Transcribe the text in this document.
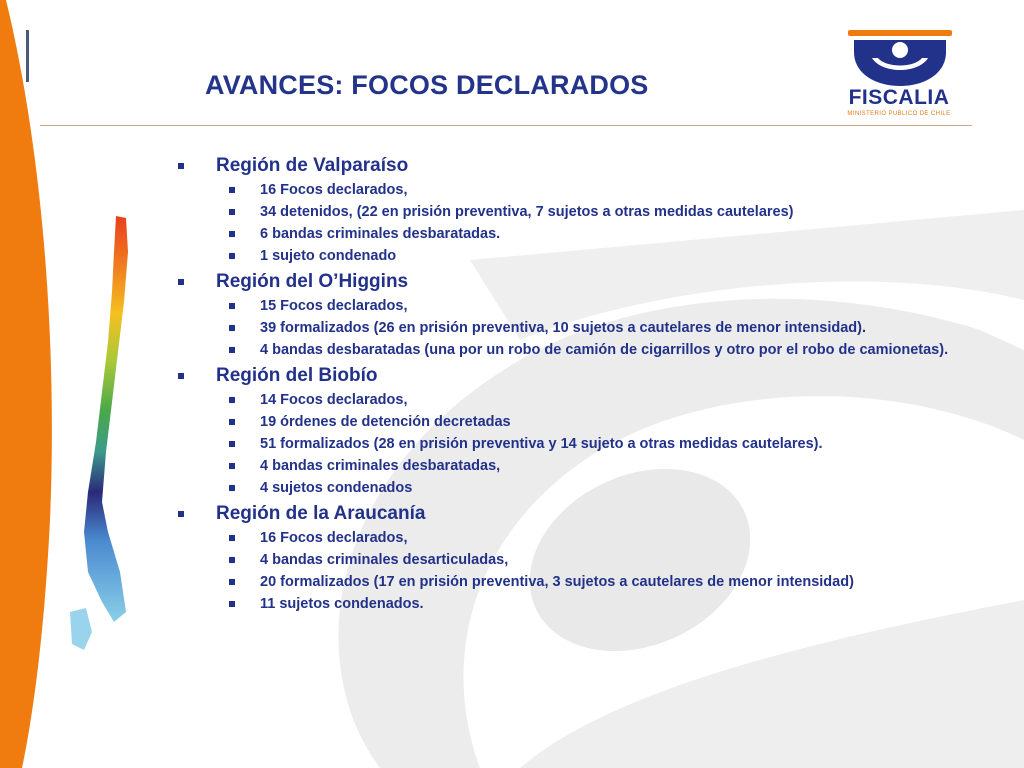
AVANCES: FOCOS DECLARADOS	FISCALIA
MINISTERIO PUBLICO DE CHILE
Región de Valparaíso
16 Focos declarados,
34 detenidos, (22 en prisión preventiva, 7 sujetos a otras medidas cautelares)
6 bandas criminales desbaratadas.
1 sujeto condenado
Región del O’Higgins
15 Focos declarados,
39 formalizados (26 en prisión preventiva, 10 sujetos a cautelares de menor intensidad).
4 bandas desbaratadas (una por un robo de camión de cigarrillos y otro por el robo de camionetas).
Región del Biobío
14 Focos declarados,
19 órdenes de detención decretadas
51 formalizados (28 en prisión preventiva y 14 sujeto a otras medidas cautelares).
4 bandas criminales desbaratadas,
4 sujetos condenados
Región de la Araucanía
16 Focos declarados,
4 bandas criminales desarticuladas,
20 formalizados (17 en prisión preventiva, 3 sujetos a cautelares de menor intensidad)
11 sujetos condenados.
